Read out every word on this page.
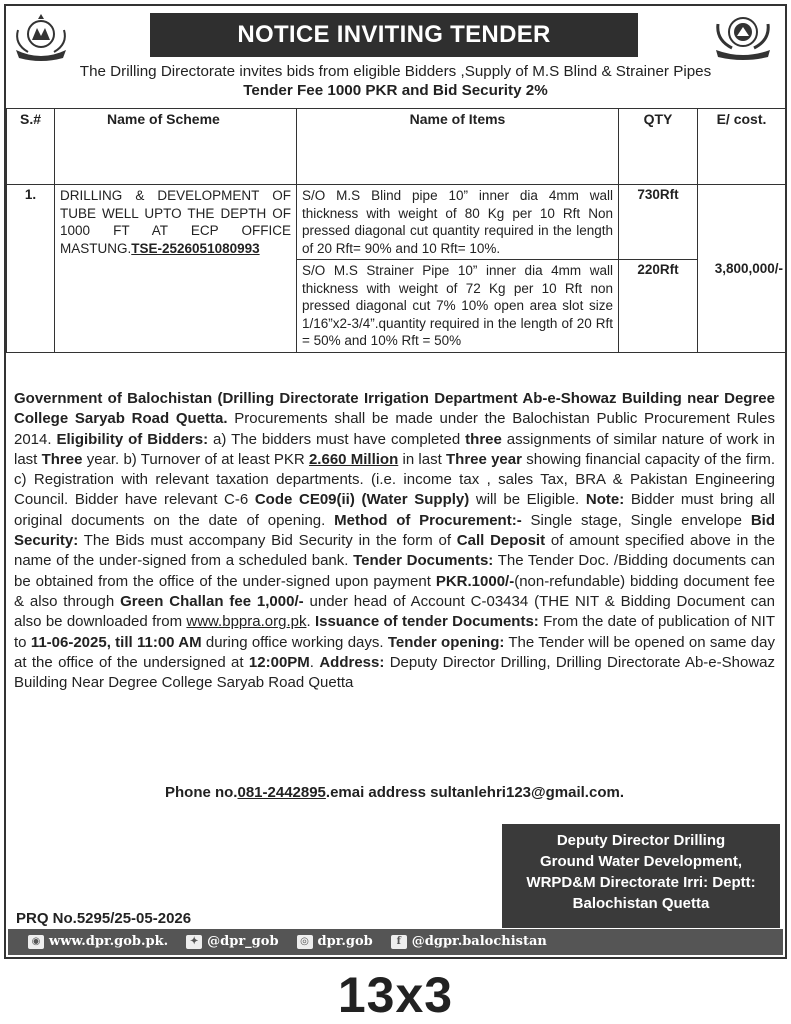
NOTICE INVITING TENDER
The Drilling Directorate invites bids from eligible Bidders ,Supply of M.S Blind & Strainer Pipes
Tender Fee 1000 PKR and Bid Security 2%
S.#	Name of Scheme	Name of Items	QTY	E/ cost.
1.	DRILLING & DEVELOPMENT OF TUBE WELL UPTO THE DEPTH OF 1000 FT AT ECP OFFICE MASTUNG.TSE-2526051080993	S/O M.S Blind pipe 10” inner dia 4mm wall thickness with weight of 80 Kg per 10 Rft Non pressed diagonal cut quantity required in the length of 20 Rft= 90% and 10 Rft= 10%.	730Rft	3,800,000/-
		S/O M.S Strainer Pipe 10” inner dia 4mm wall thickness with weight of 72 Kg per 10 Rft non pressed diagonal cut 7% 10% open area slot size 1/16”x2-3/4”.quantity required in the length of 20 Rft = 50% and 10% Rft = 50%	220Rft	
Government of Balochistan (Drilling Directorate Irrigation Department Ab-e-Showaz Building near Degree College Saryab Road Quetta. Procurements shall be made under the Balochistan Public Procurement Rules 2014. Eligibility of Bidders: a) The bidders must have completed three assignments of similar nature of work in last Three year. b) Turnover of at least PKR 2.660 Million in last Three year showing financial capacity of the firm. c) Registration with relevant taxation departments. (i.e. income tax , sales Tax, BRA & Pakistan Engineering Council. Bidder have relevant C-6 Code CE09(ii) (Water Supply) will be Eligible. Note: Bidder must bring all original documents on the date of opening. Method of Procurement:- Single stage, Single envelope Bid Security: The Bids must accompany Bid Security in the form of Call Deposit of amount specified above in the name of the under-signed from a scheduled bank. Tender Documents: The Tender Doc. /Bidding documents can be obtained from the office of the under-signed upon payment PKR.1000/-(non-refundable) bidding document fee & also through Green Challan fee 1,000/- under head of Account C-03434 (THE NIT & Bidding Document can also be downloaded from www.bppra.org.pk. Issuance of tender Documents: From the date of publication of NIT to 11-06-2025, till 11:00 AM during office working days. Tender opening: The Tender will be opened on same day at the office of the undersigned at 12:00PM. Address: Deputy Director Drilling, Drilling Directorate Ab-e-Showaz Building Near Degree College Saryab Road Quetta
Phone no.081-2442895.emai address sultanlehri123@gmail.com.
Deputy Director Drilling
Ground Water Development,
WRPD&M Directorate Irri: Deptt:
Balochistan Quetta
PRQ No.5295/25-05-2026
◉ www.dpr.gob.pk.	✦ @dpr_gob	◎ dpr.gob	f @dgpr.balochistan
13x3
